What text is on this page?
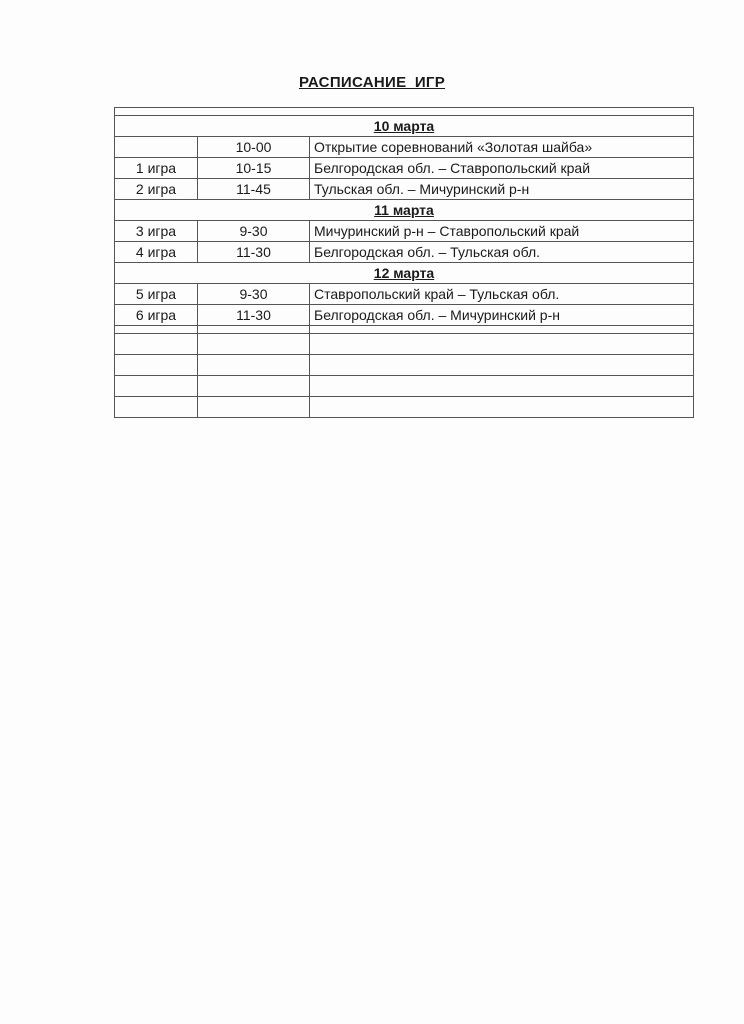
РАСПИСАНИЕ ИГР

10 марта		
	10-00	Открытие соревнований «Золотая шайба»
1 игра	10-15	Белгородская обл. – Ставропольский край
2 игра	11-45	Тульская обл. – Мичуринский р-н
11 марта		
3 игра	9-30	Мичуринский р-н – Ставропольский край
4 игра	11-30	Белгородская обл. – Тульская обл.
12 марта		
5 игра	9-30	Ставропольский край – Тульская обл.
6 игра	11-30	Белгородская обл. – Мичуринский р-н
